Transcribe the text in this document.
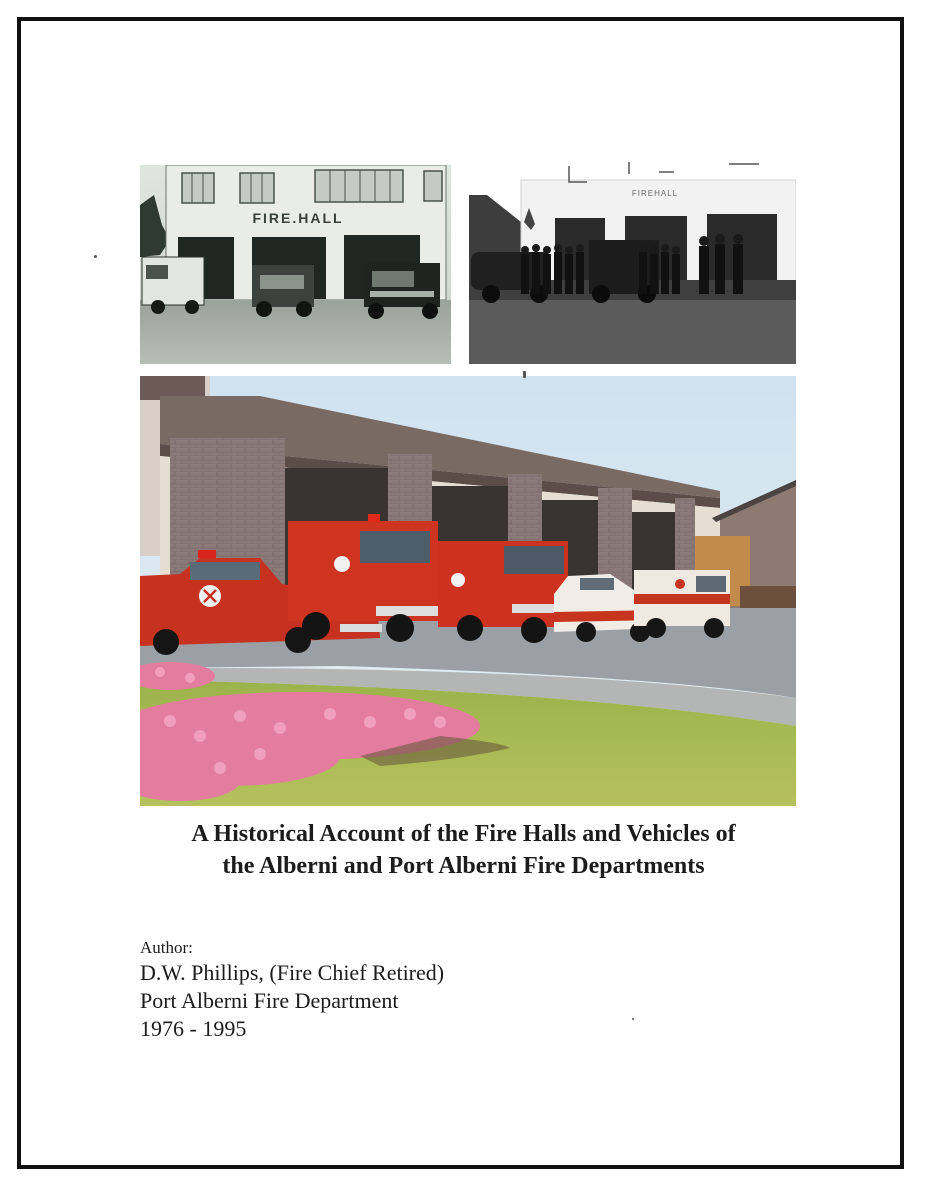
FIRE.HALL
FIREHALL
A Historical Account of the Fire Halls and Vehicles of
the Alberni and Port Alberni Fire Departments
Author:
D.W. Phillips, (Fire Chief Retired)
Port Alberni Fire Department
1976 - 1995
